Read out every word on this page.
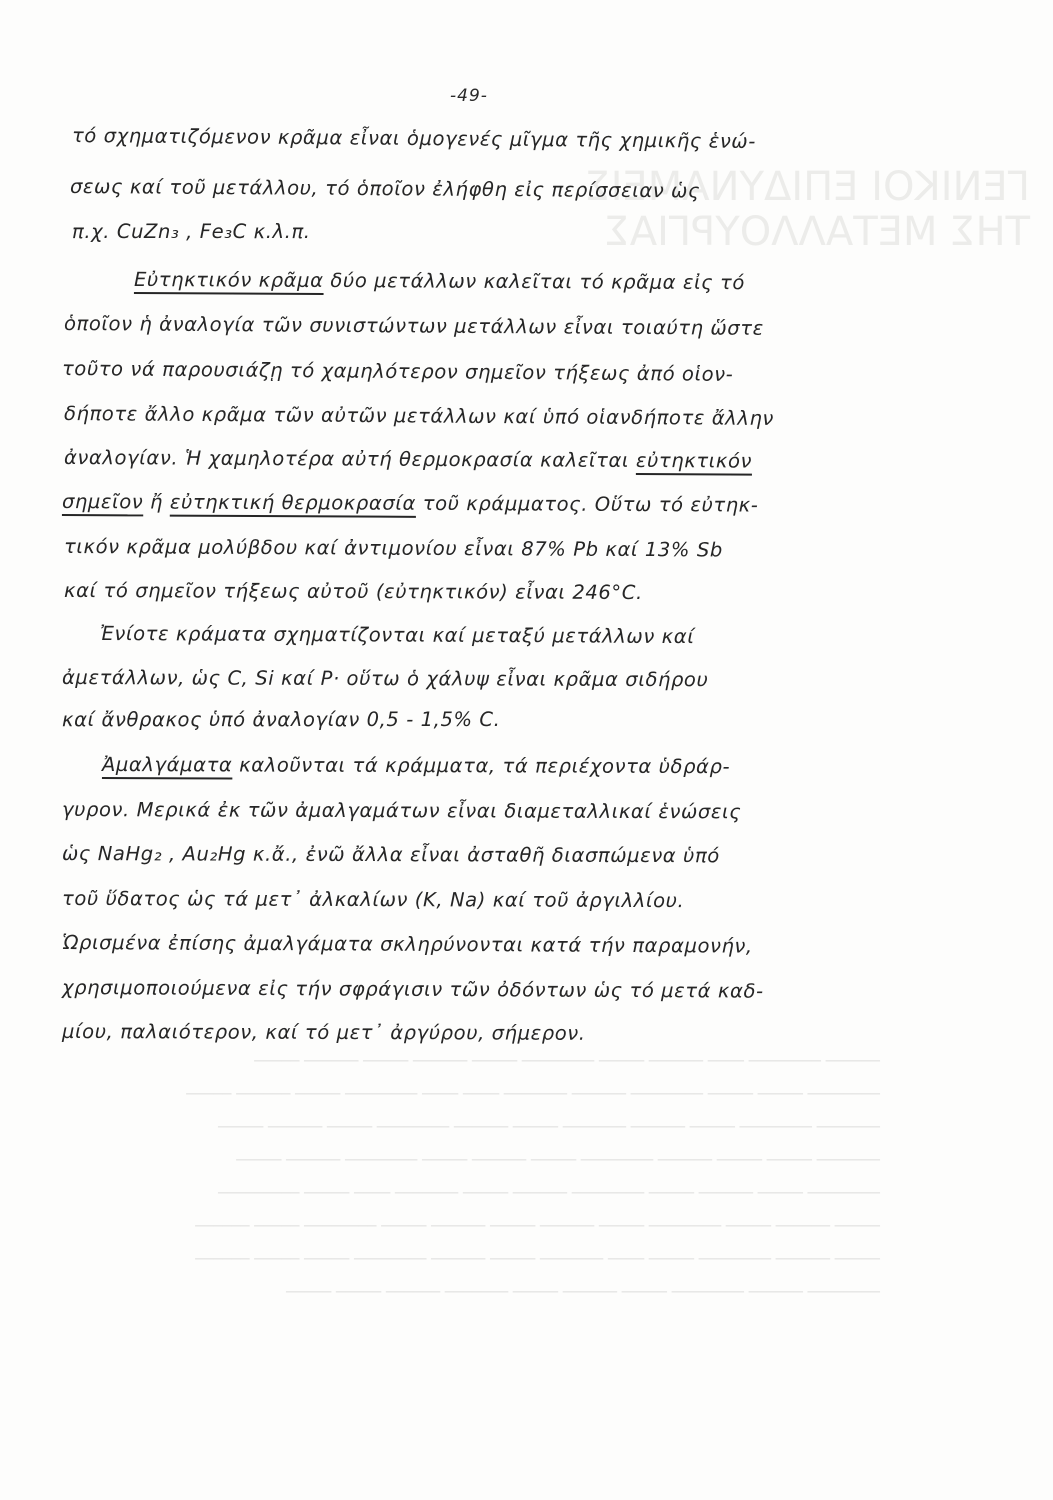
ΓΕΝΙΚΟΙ ΕΠΙΔΥΝΑΜΕΙΣ
ΤΗΣ ΜΕΤΑΛΛΟΥΡΓΙΑΣ
────── ──────── ──── ────── ───── ──────── ───── ────── ───── ────── ───── ──────── ───── ───── ──────── ────── ─────── ──── ──── ──────── ───── ────── ───── ─────── ──────── ───── ────── ─────── ───── ────── ──────── ───── ────── ───── ─────── ───── ───── ────── ──────── ───── ────── ───── ──────── ────── ───── ──────── ───── ────── ───── ──────── ────── ───── ─────── ──── ───── ───────── ───── ────── ───── ──────── ───── ────── ───── ────── ───── ──────── ───── ────── ───── ────── ──────── ───── ──── ─────── ───── ────── ──────── ───── ───── ────── ──────── ────── ──────── ───── ────── ───── ─────── ────── ───── ─────
-49-
τό σχηματιζόμενον κρᾶμα εἶναι ὁμογενές μῖγμα τῆς χημικῆς ἑνώ-
σεως καί τοῦ μετάλλου, τό ὁποῖον ἐλήφθη εἰς περίσσειαν ὡς
π.χ. CuZn₃ , Fe₃C κ.λ.π.
Εὐτηκτικόν κρᾶμα δύο μετάλλων καλεῖται τό κρᾶμα εἰς τό
ὁποῖον ἡ ἀναλογία τῶν συνιστώντων μετάλλων εἶναι τοιαύτη ὥστε
τοῦτο νά παρουσιάζῃ τό χαμηλότερον σημεῖον τήξεως ἀπό οἱον-
δήποτε ἄλλο κρᾶμα τῶν αὐτῶν μετάλλων καί ὑπό οἱανδήποτε ἄλλην
ἀναλογίαν. Ἡ χαμηλοτέρα αὐτή θερμοκρασία καλεῖται εὐτηκτικόν
σημεῖον ἤ εὐτηκτική θερμοκρασία τοῦ κράμματος. Οὕτω τό εὐτηκ-
τικόν κρᾶμα μολύβδου καί ἀντιμονίου εἶναι 87% Pb καί 13% Sb
καί τό σημεῖον τήξεως αὐτοῦ (εὐτηκτικόν) εἶναι 246°C.
Ἐνίοτε κράματα σχηματίζονται καί μεταξύ μετάλλων καί
ἀμετάλλων, ὡς C, Si καί P· οὕτω ὁ χάλυψ εἶναι κρᾶμα σιδήρου
καί ἄνθρακος ὑπό ἀναλογίαν 0,5 - 1,5% C.
Ἀμαλγάματα καλοῦνται τά κράμματα, τά περιέχοντα ὑδράρ-
γυρον. Μερικά ἐκ τῶν ἀμαλγαμάτων εἶναι διαμεταλλικαί ἑνώσεις
ὡς NaHg₂ , Au₂Hg κ.ἄ., ἐνῶ ἄλλα εἶναι ἀσταθῆ διασπώμενα ὑπό
τοῦ ὕδατος ὡς τά μετ᾿ ἀλκαλίων (K, Na) καί τοῦ ἀργιλλίου.
Ὡρισμένα ἐπίσης ἀμαλγάματα σκληρύνονται κατά τήν παραμονήν,
χρησιμοποιούμενα εἰς τήν σφράγισιν τῶν ὀδόντων ὡς τό μετά καδ-
μίου, παλαιότερον, καί τό μετ᾿ ἀργύρου, σήμερον.
